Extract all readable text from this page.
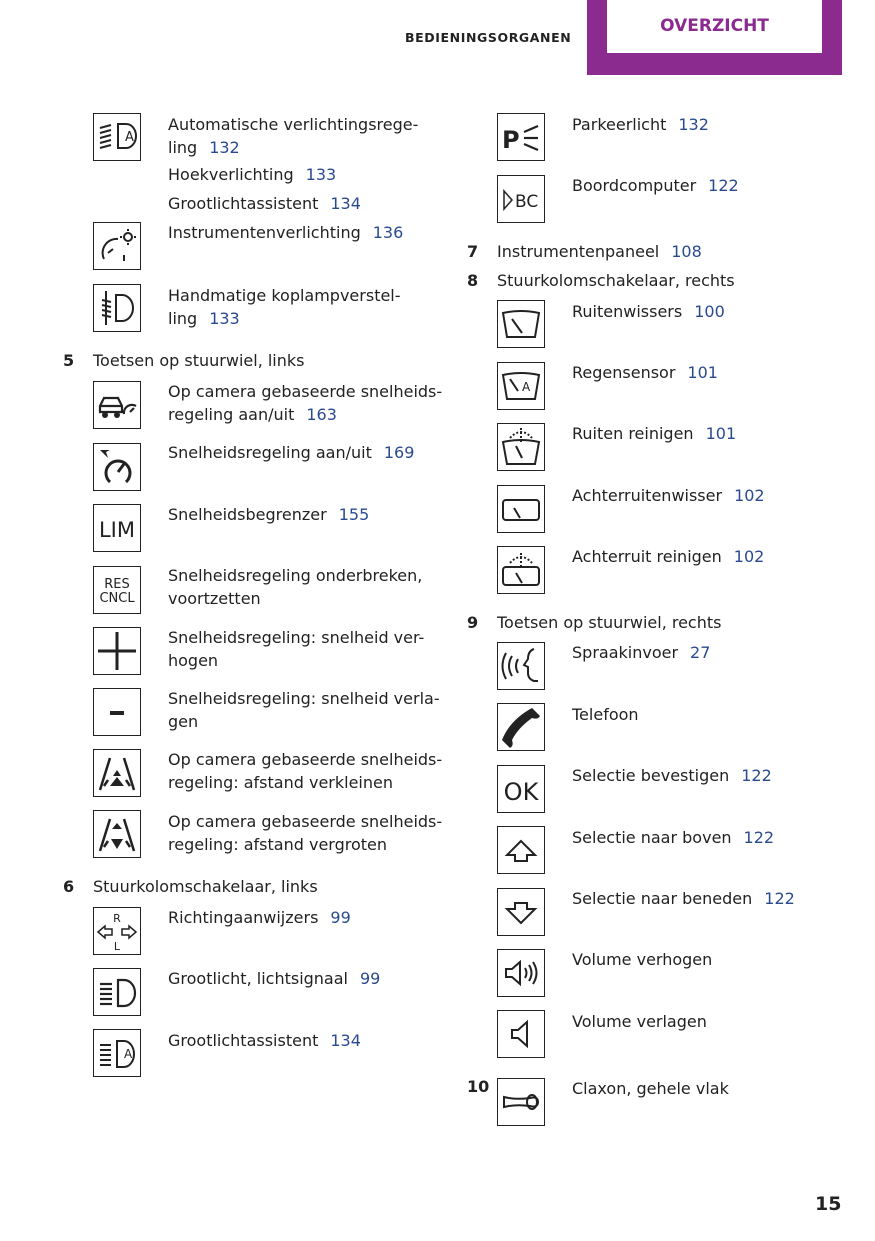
BEDIENINGSORGANEN
OVERZICHT
A
Automatische verlichtingsrege-
ling 132
Hoekverlichting 133
Grootlichtassistent 134
Instrumentenverlichting 136
Handmatige koplampverstel-
ling 133
5 Toetsen op stuurwiel, links
Op camera gebaseerde snelheids-
regeling aan/uit 163
Snelheidsregeling aan/uit 169
LIM
Snelheidsbegrenzer 155
RES
CNCL
Snelheidsregeling onderbreken,
voortzetten
Snelheidsregeling: snelheid ver-
hogen
Snelheidsregeling: snelheid verla-
gen
Op camera gebaseerde snelheids-
regeling: afstand verkleinen
Op camera gebaseerde snelheids-
regeling: afstand vergroten
6 Stuurkolomschakelaar, links
R
L
Richtingaanwijzers 99
Grootlicht, lichtsignaal 99
A
Grootlichtassistent 134
P
Parkeerlicht 132
BC
Boordcomputer 122
7 Instrumentenpaneel 108
8 Stuurkolomschakelaar, rechts
Ruitenwissers 100
A
Regensensor 101
Ruiten reinigen 101
Achterruitenwisser 102
Achterruit reinigen 102
9 Toetsen op stuurwiel, rechts
Spraakinvoer 27
Telefoon
OK
Selectie bevestigen 122
Selectie naar boven 122
Selectie naar beneden 122
Volume verhogen
Volume verlagen
10	Claxon, gehele vlak
15
